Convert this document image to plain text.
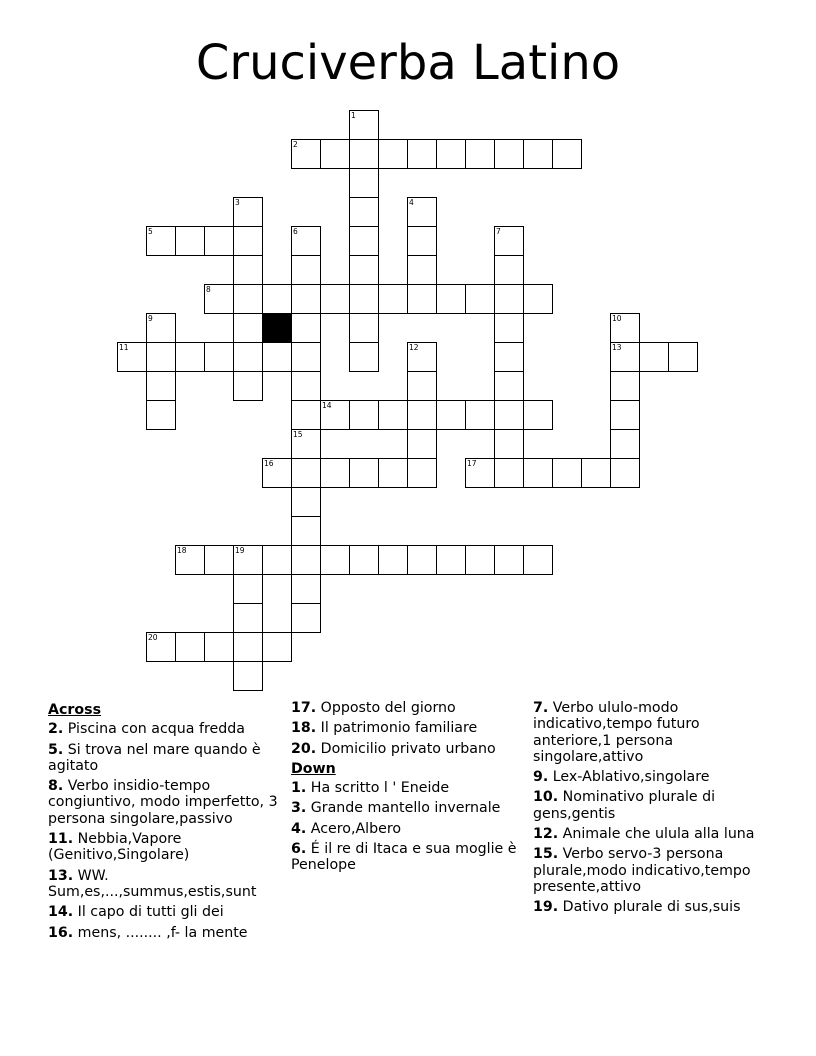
Cruciverba Latino
1
2
3	4
5	6	7
8
9	10
11	12	13
14
15
16	17
18	19
20

Across

2. Piscina con acqua fredda

5. Si trova nel mare quando è agitato

8. Verbo insidio-tempo congiuntivo, modo imperfetto, 3 persona singolare,passivo

11. Nebbia,Vapore (Genitivo,Singolare)

13. WW. Sum,es,...,summus,estis,sunt

14. Il capo di tutti gli dei

16. mens, ........ ,f- la mente

17. Opposto del giorno

18. Il patrimonio familiare

20. Domicilio privato urbano

Down

1. Ha scritto l ' Eneide

3. Grande mantello invernale

4. Acero,Albero

6. É il re di Itaca e sua moglie è Penelope

7. Verbo ululo-modo indicativo,tempo futuro anteriore,1 persona singolare,attivo

9. Lex-Ablativo,singolare

10. Nominativo plurale di gens,gentis

12. Animale che ulula alla luna

15. Verbo servo-3 persona plurale,modo indicativo,tempo presente,attivo

19. Dativo plurale di sus,suis
